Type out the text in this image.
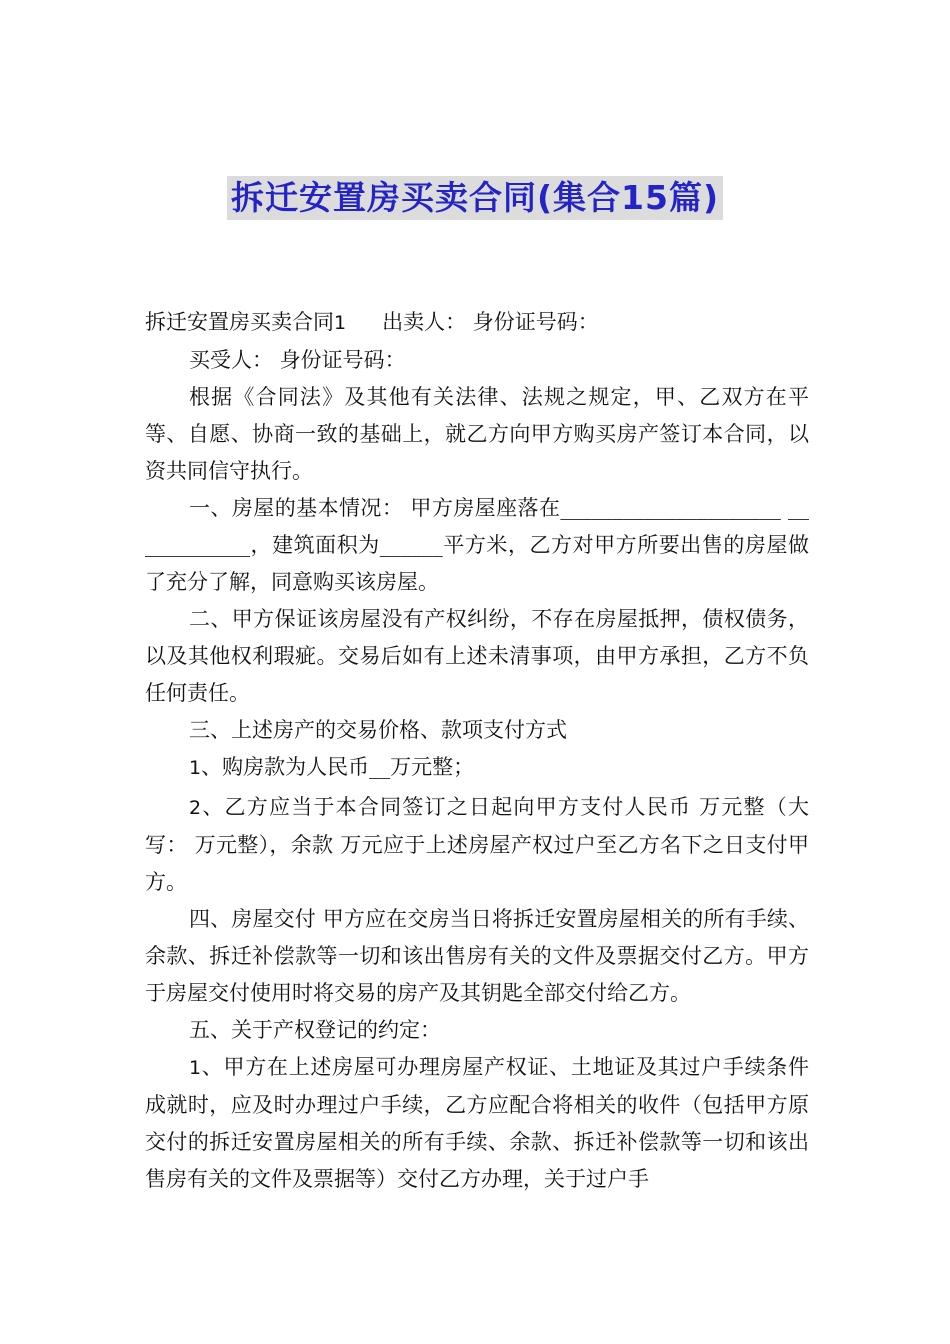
拆迁安置房买卖合同(集合15篇)

拆迁安置房买卖合同1 出卖人： 身份证号码：

买受人： 身份证号码：

根据《合同法》及其他有关法律、法规之规定，甲、乙双方在平等、自愿、协商一致的基础上，就乙方向甲方购买房产签订本合同，以资共同信守执行。

一、房屋的基本情况： 甲方房屋座落在_____________________ ____________，建筑面积为______平方米，乙方对甲方所要出售的房屋做了充分了解，同意购买该房屋。

二、甲方保证该房屋没有产权纠纷，不存在房屋抵押，债权债务，以及其他权利瑕疵。交易后如有上述未清事项，由甲方承担，乙方不负任何责任。

三、上述房产的交易价格、款项支付方式

1、购房款为人民币__万元整；

2、乙方应当于本合同签订之日起向甲方支付人民币 万元整（大写： 万元整），余款 万元应于上述房屋产权过户至乙方名下之日支付甲方。

四、房屋交付 甲方应在交房当日将拆迁安置房屋相关的所有手续、余款、拆迁补偿款等一切和该出售房有关的文件及票据交付乙方。甲方于房屋交付使用时将交易的房产及其钥匙全部交付给乙方。

五、关于产权登记的约定：

1、甲方在上述房屋可办理房屋产权证、土地证及其过户手续条件成就时，应及时办理过户手续，乙方应配合将相关的收件（包括甲方原交付的拆迁安置房屋相关的所有手续、余款、拆迁补偿款等一切和该出售房有关的文件及票据等）交付乙方办理，关于过户手
